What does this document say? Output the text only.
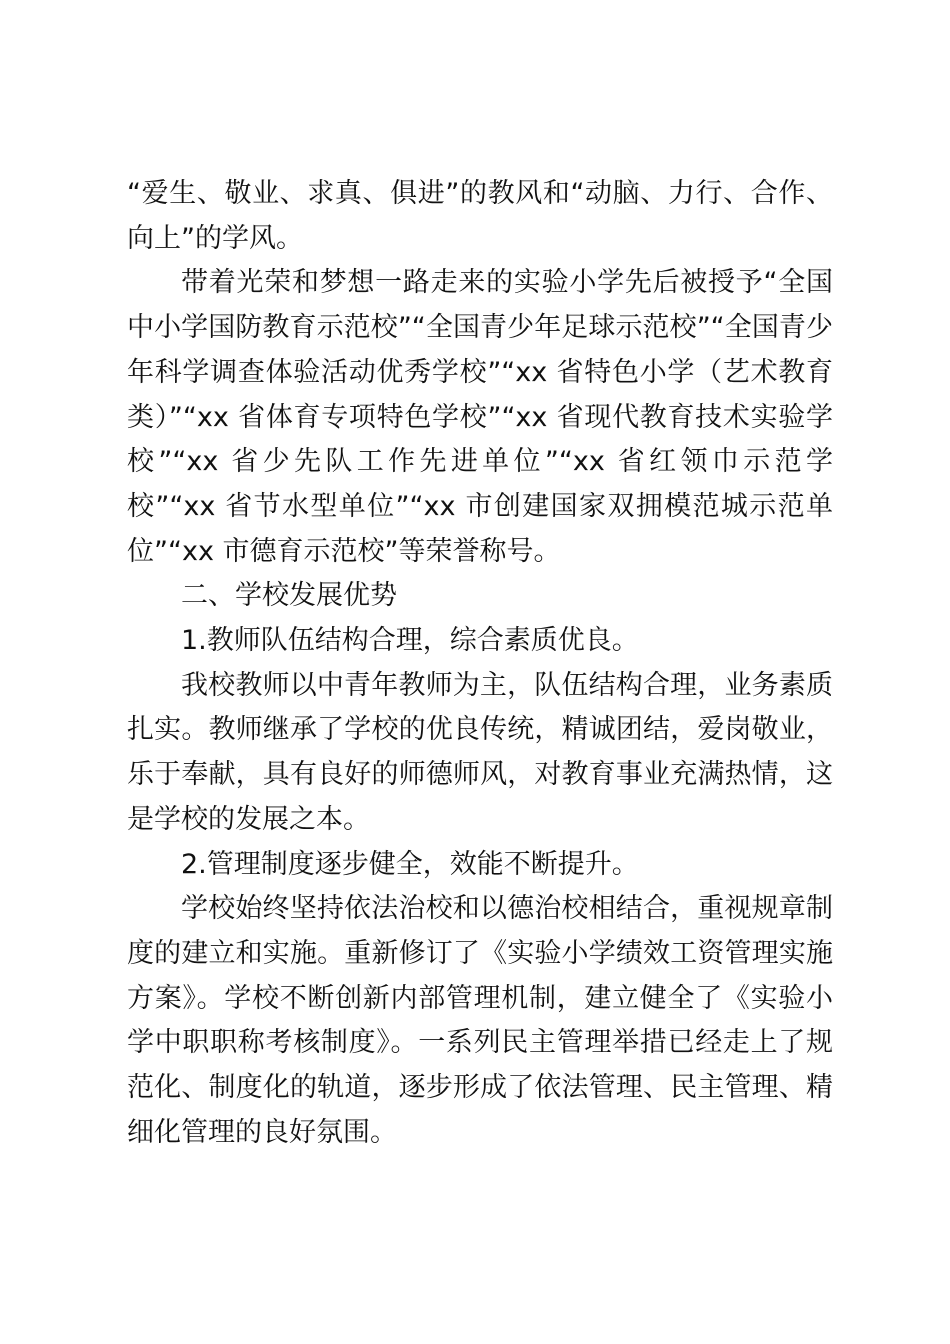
“爱生、敬业、求真、俱进”的教风和“动脑、力行、合作、向上”的学风。

带着光荣和梦想一路走来的实验小学先后被授予“全国中小学国防教育示范校”“全国青少年足球示范校”“全国青少年科学调查体验活动优秀学校”“xx 省特色小学（艺术教育类）”“xx 省体育专项特色学校”“xx 省现代教育技术实验学校”“xx 省少先队工作先进单位”“xx 省红领巾示范学校”“xx 省节水型单位”“xx 市创建国家双拥模范城示范单位”“xx 市德育示范校”等荣誉称号。

二、学校发展优势

1.教师队伍结构合理，综合素质优良。

我校教师以中青年教师为主，队伍结构合理，业务素质扎实。教师继承了学校的优良传统，精诚团结，爱岗敬业，乐于奉献，具有良好的师德师风，对教育事业充满热情，这是学校的发展之本。

2.管理制度逐步健全，效能不断提升。

学校始终坚持依法治校和以德治校相结合，重视规章制度的建立和实施。重新修订了《实验小学绩效工资管理实施方案》。学校不断创新内部管理机制，建立健全了《实验小学中职职称考核制度》。一系列民主管理举措已经走上了规范化、制度化的轨道，逐步形成了依法管理、民主管理、精细化管理的良好氛围。
